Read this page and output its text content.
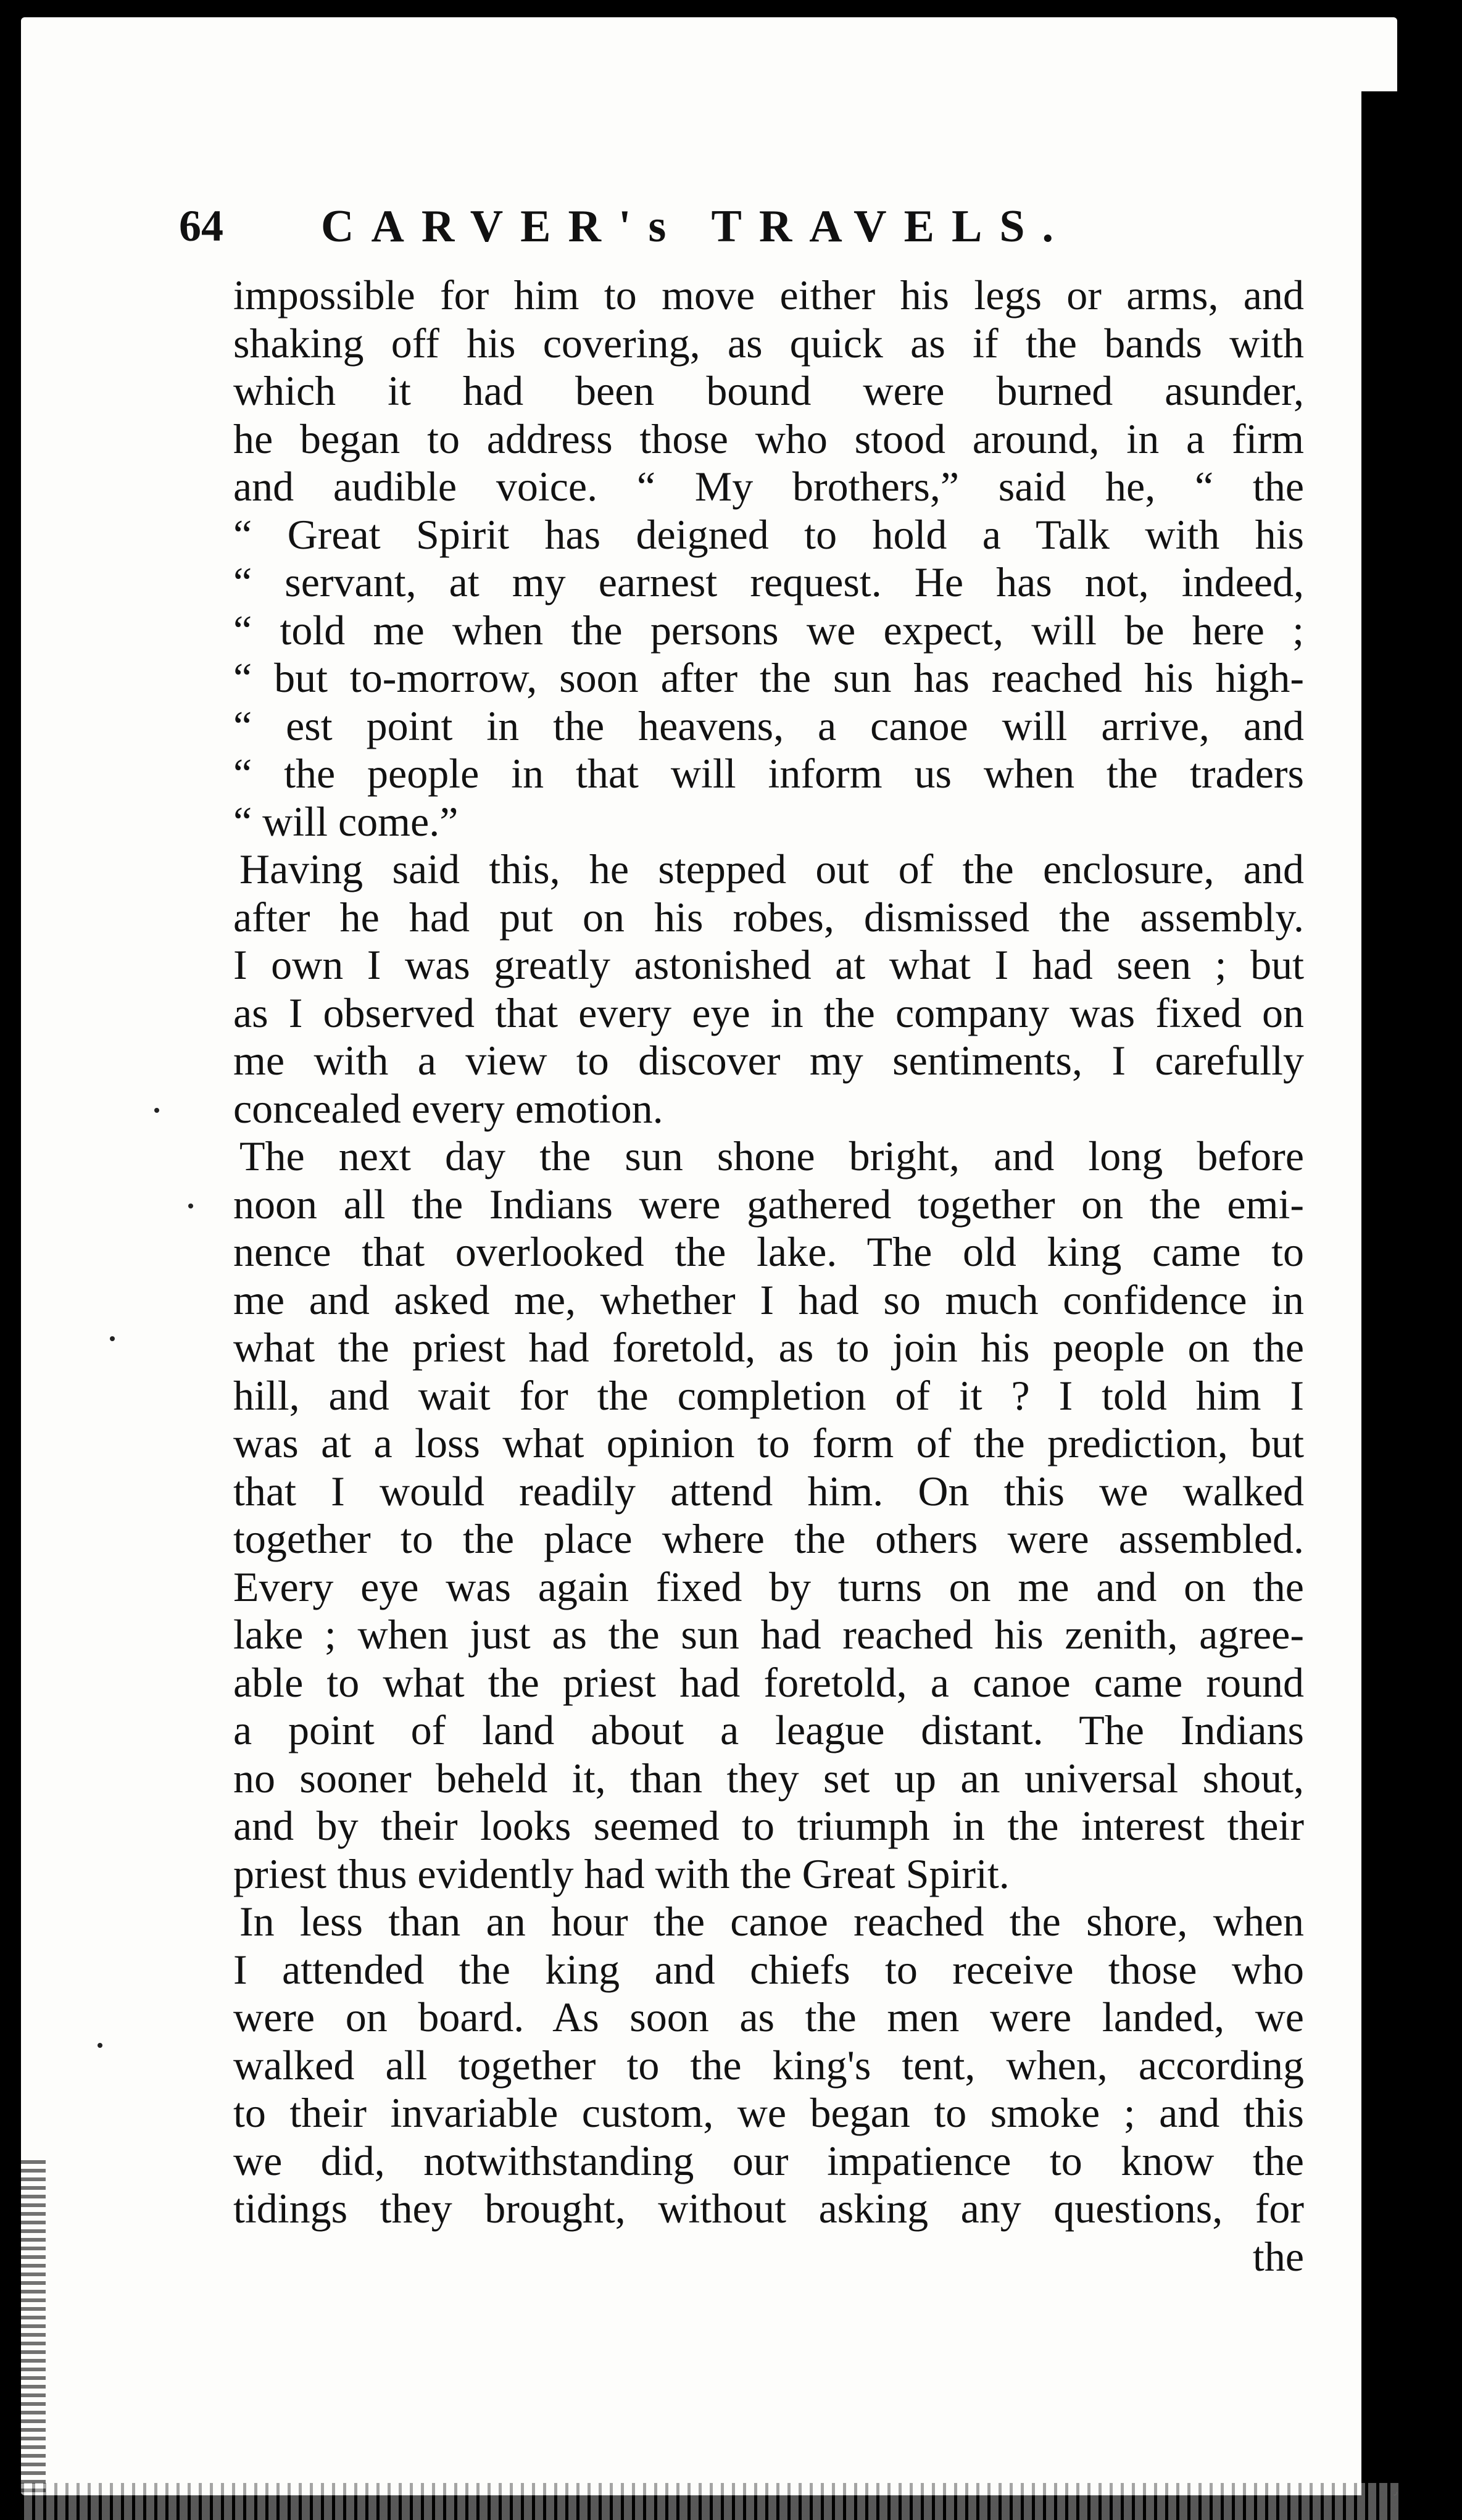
64 CARVER's TRAVELS.
impossible for him to move either his legs or arms, and
shaking off his covering, as quick as if the bands with
which it had been bound were burned asunder,
he began to address those who stood around, in a firm
and audible voice. “ My brothers,” said he, “ the
“ Great Spirit has deigned to hold a Talk with his
“ servant, at my earnest request. He has not, indeed,
“ told me when the persons we expect, will be here ;
“ but to-morrow, soon after the sun has reached his high-
“ est point in the heavens, a canoe will arrive, and
“ the people in that will inform us when the traders
“ will come.”
Having said this, he stepped out of the enclosure, and
after he had put on his robes, dismissed the assembly.
I own I was greatly astonished at what I had seen ; but
as I observed that every eye in the company was fixed on
me with a view to discover my sentiments, I carefully
concealed every emotion.
The next day the sun shone bright, and long before
noon all the Indians were gathered together on the emi-
nence that overlooked the lake. The old king came to
me and asked me, whether I had so much confidence in
what the priest had foretold, as to join his people on the
hill, and wait for the completion of it ? I told him I
was at a loss what opinion to form of the prediction, but
that I would readily attend him. On this we walked
together to the place where the others were assembled.
Every eye was again fixed by turns on me and on the
lake ; when just as the sun had reached his zenith, agree-
able to what the priest had foretold, a canoe came round
a point of land about a league distant. The Indians
no sooner beheld it, than they set up an universal shout,
and by their looks seemed to triumph in the interest their
priest thus evidently had with the Great Spirit.
In less than an hour the canoe reached the shore, when
I attended the king and chiefs to receive those who
were on board. As soon as the men were landed, we
walked all together to the king's tent, when, according
to their invariable custom, we began to smoke ; and this
we did, notwithstanding our impatience to know the
tidings they brought, without asking any questions, for
the
